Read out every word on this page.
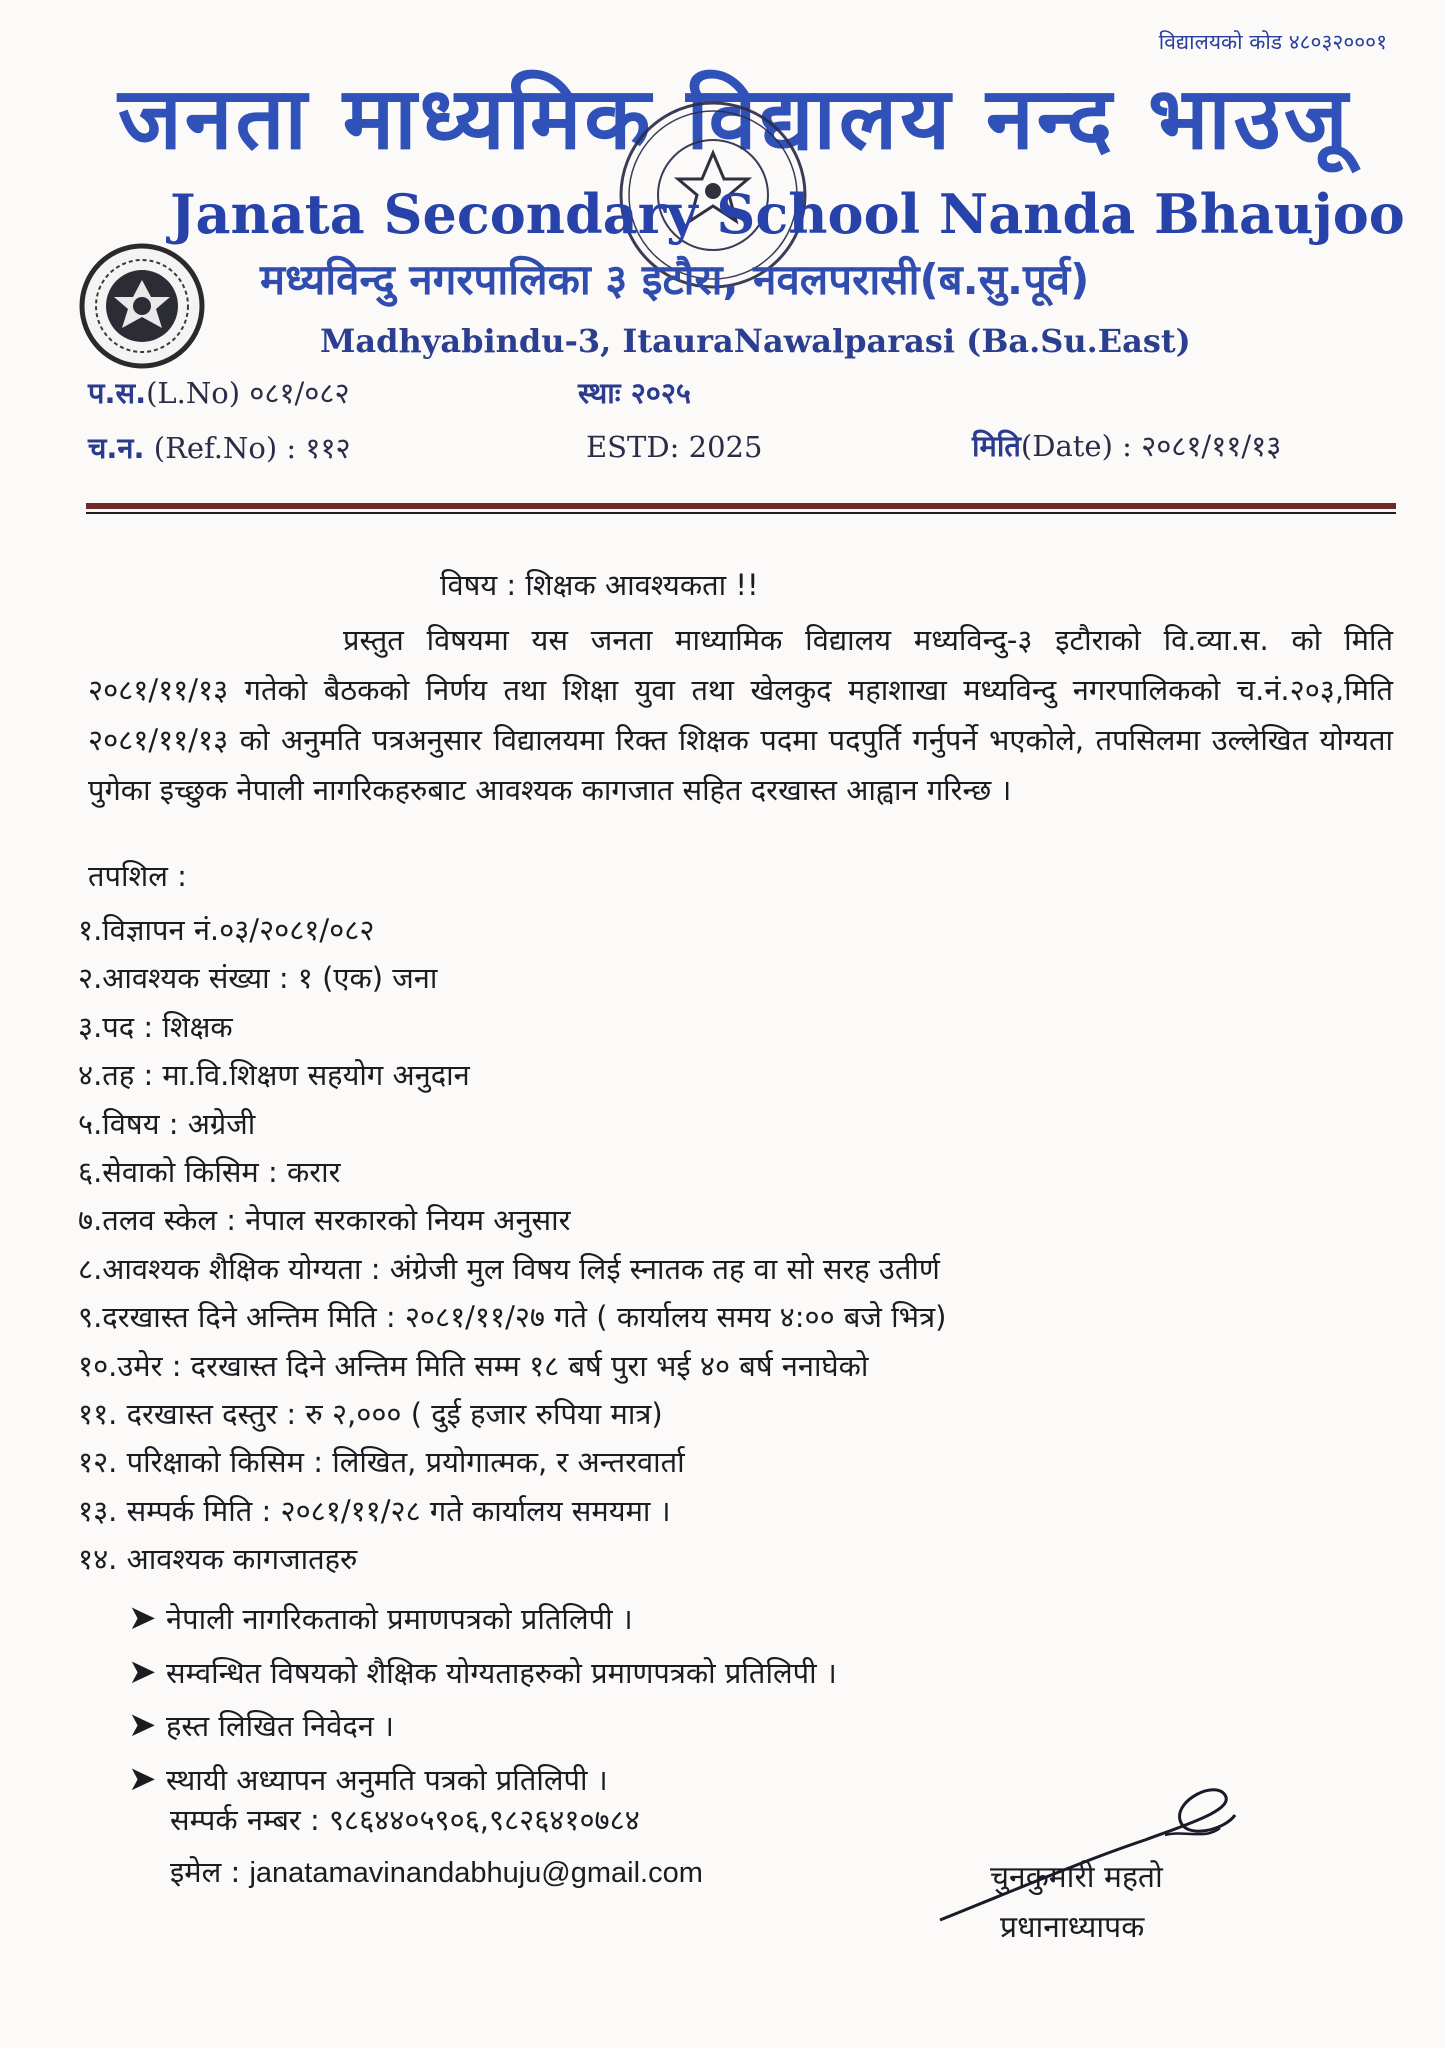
विद्यालयको कोड ४८०३२०००१
जनता माध्यमिक विद्यालय नन्द भाउजू
Janata Secondary School Nanda Bhaujoo
मध्यविन्दु नगरपालिका ३ इटौरा, नवलपरासी(ब.सु.पूर्व)
Madhyabindu-3, ItauraNawalparasi (Ba.Su.East)
प.स.(L.No) ०८१/०८२	स्थाः २०२५
च.न. (Ref.No) : ११२	ESTD: 2025	मिति(Date) : २०८१/११/१३
विषय : शिक्षक आवश्यकता !!
प्रस्तुत विषयमा यस जनता माध्यामिक विद्यालय मध्यविन्दु-३ इटौराको वि.व्या.स. को मिति २०८१/११/१३ गतेको बैठकको निर्णय तथा शिक्षा युवा तथा खेलकुद महाशाखा मध्यविन्दु नगरपालिकको च.नं.२०३,मिति २०८१/११/१३ को अनुमति पत्रअनुसार विद्यालयमा रिक्त शिक्षक पदमा पदपुर्ति गर्नुपर्ने भएकोले, तपसिलमा उल्लेखित योग्यता पुगेका इच्छुक नेपाली नागरिकहरुबाट आवश्यक कागजात सहित दरखास्त आह्वान गरिन्छ ।
तपशिल :
१.विज्ञापन नं.०३/२०८१/०८२
२.आवश्यक संख्या : १ (एक) जना
३.पद : शिक्षक
४.तह : मा.वि.शिक्षण सहयोग अनुदान
५.विषय : अग्रेजी
६.सेवाको किसिम : करार
७.तलव स्केल : नेपाल सरकारको नियम अनुसार
८.आवश्यक शैक्षिक योग्यता : अंग्रेजी मुल विषय लिई स्नातक तह वा सो सरह उतीर्ण
९.दरखास्त दिने अन्तिम मिति : २०८१/११/२७ गते ( कार्यालय समय ४:०० बजे भित्र)
१०.उमेर : दरखास्त दिने अन्तिम मिति सम्म १८ बर्ष पुरा भई ४० बर्ष ननाघेको
११. दरखास्त दस्तुर : रु २,००० ( दुई हजार रुपिया मात्र)
१२. परिक्षाको किसिम : लिखित, प्रयोगात्मक, र अन्तरवार्ता
१३. सम्पर्क मिति : २०८१/११/२८ गते कार्यालय समयमा ।
१४. आवश्यक कागजातहरु
➤ नेपाली नागरिकताको प्रमाणपत्रको प्रतिलिपी ।
➤ सम्वन्धित विषयको शैक्षिक योग्यताहरुको प्रमाणपत्रको प्रतिलिपी ।
➤ हस्त लिखित निवेदन ।
➤ स्थायी अध्यापन अनुमति पत्रको प्रतिलिपी ।
सम्पर्क नम्बर : ९८६४४०५९०६,९८२६४१०७८४
इमेल : janatamavinandabhuju@gmail.com	चुनकुमारी महतो
प्रधानाध्यापक
